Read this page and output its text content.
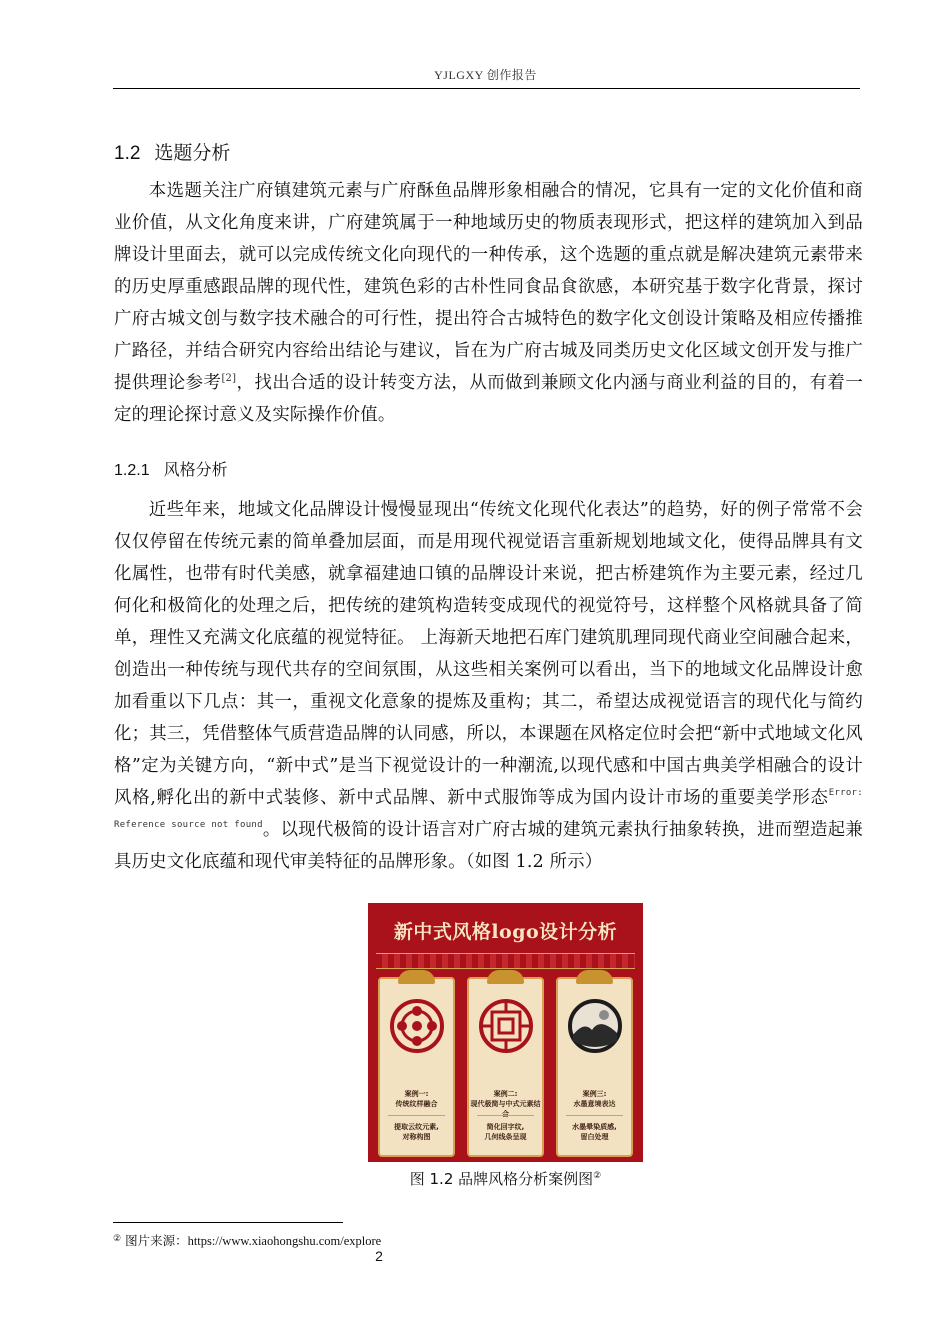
YJLGXY 创作报告
1.2 选题分析
本选题关注广府镇建筑元素与广府酥鱼品牌形象相融合的情况，它具有一定的文化价值和商业价值，从文化角度来讲，广府建筑属于一种地域历史的物质表现形式，把这样的建筑加入到品牌设计里面去，就可以完成传统文化向现代的一种传承，这个选题的重点就是解决建筑元素带来的历史厚重感跟品牌的现代性，建筑色彩的古朴性同食品食欲感，本研究基于数字化背景，探讨广府古城文创与数字技术融合的可行性，提出符合古城特色的数字化文创设计策略及相应传播推广路径，并结合研究内容给出结论与建议，旨在为广府古城及同类历史文化区域文创开发与推广提供理论参考[2]，找出合适的设计转变方法，从而做到兼顾文化内涵与商业利益的目的，有着一定的理论探讨意义及实际操作价值。
1.2.1 风格分析
近些年来，地域文化品牌设计慢慢显现出“传统文化现代化表达”的趋势，好的例子常常不会仅仅停留在传统元素的简单叠加层面，而是用现代视觉语言重新规划地域文化，使得品牌具有文化属性，也带有时代美感，就拿福建迪口镇的品牌设计来说，把古桥建筑作为主要元素，经过几何化和极简化的处理之后，把传统的建筑构造转变成现代的视觉符号，这样整个风格就具备了简单，理性又充满文化底蕴的视觉特征。 上海新天地把石库门建筑肌理同现代商业空间融合起来，创造出一种传统与现代共存的空间氛围，从这些相关案例可以看出，当下的地域文化品牌设计愈加看重以下几点：其一，重视文化意象的提炼及重构；其二，希望达成视觉语言的现代化与简约化；其三，凭借整体气质营造品牌的认同感，所以，本课题在风格定位时会把“新中式地域文化风格”定为关键方向，“新中式”是当下视觉设计的一种潮流,以现代感和中国古典美学相融合的设计风格,孵化出的新中式装修、新中式品牌、新中式服饰等成为国内设计市场的重要美学形态$^{Error: Reference source not found}$。以现代极简的设计语言对广府古城的建筑元素执行抽象转换，进而塑造起兼具历史文化底蕴和现代审美特征的品牌形象。（如图 1.2 所示）
新中式风格logo设计分析
案例一:
传统纹样融合
提取云纹元素,
对称构图
案例二:
现代极简与中式元素结合
简化回字纹,
几何线条呈现
案例三:
水墨意境表达
水墨晕染质感,
留白处理
图 1.2 品牌风格分析案例图②
② 图片来源：https://www.xiaohongshu.com/explore
2
